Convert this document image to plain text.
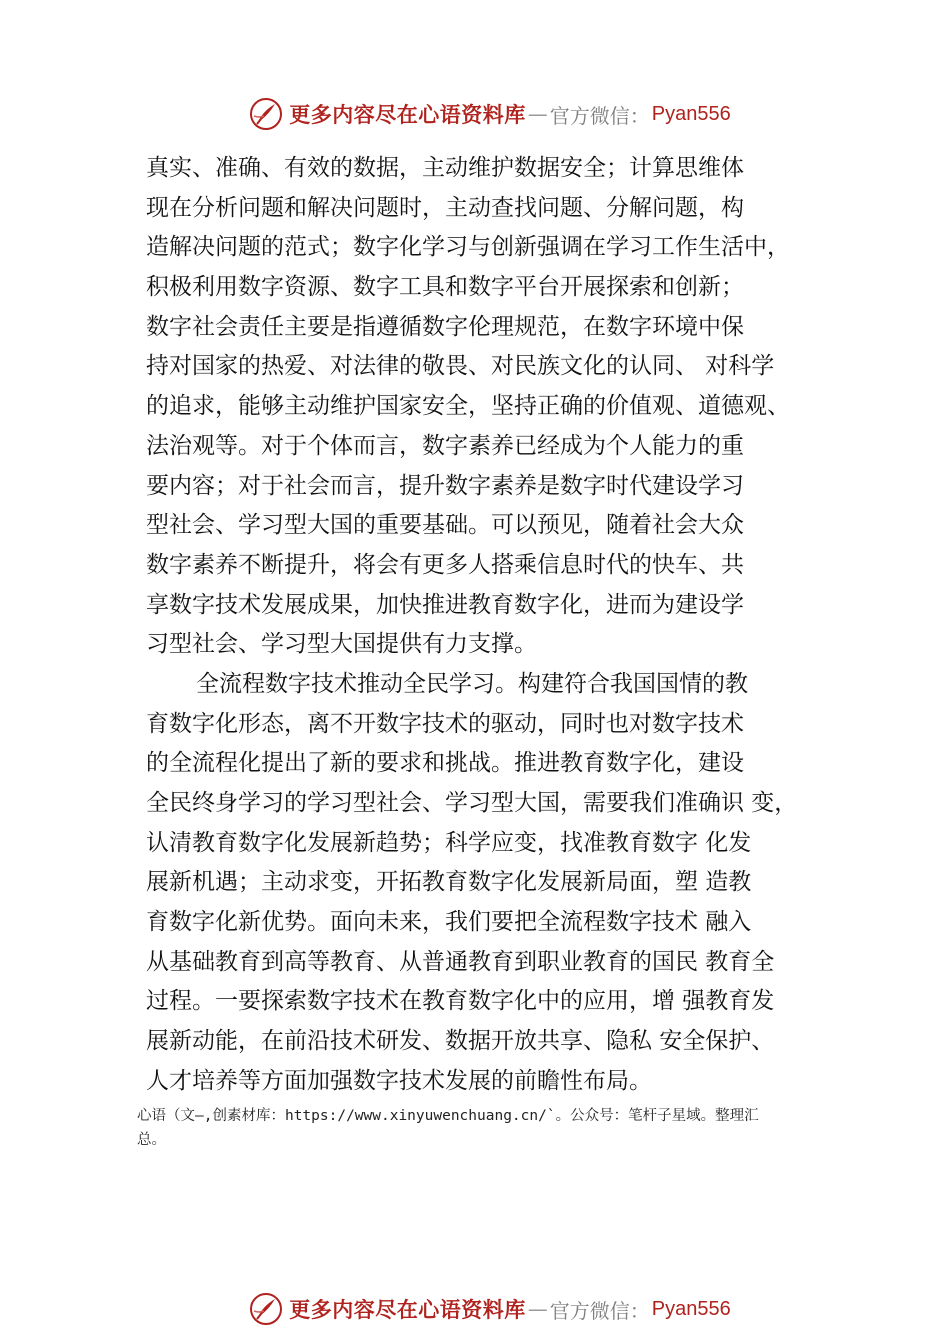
更多内容尽在心语资料库 — 官方微信： Pyan556
真实、准确、有效的数据，主动维护数据安全；计算思维体
现在分析问题和解决问题时，主动查找问题、分解问题，构
造解决问题的范式；数字化学习与创新强调在学习工作生活中，
积极利用数字资源、数字工具和数字平台开展探索和创新；
数字社会责任主要是指遵循数字伦理规范，在数字环境中保
持对国家的热爱、对法律的敬畏、对民族文化的认同、 对科学
的追求，能够主动维护国家安全，坚持正确的价值观、道德观、
法治观等。对于个体而言，数字素养已经成为个人能力的重
要内容；对于社会而言，提升数字素养是数字时代建设学习
型社会、学习型大国的重要基础。可以预见，随着社会大众
数字素养不断提升，将会有更多人搭乘信息时代的快车、共
享数字技术发展成果，加快推进教育数字化，进而为建设学
习型社会、学习型大国提供有力支撑。
全流程数字技术推动全民学习。构建符合我国国情的教
育数字化形态，离不开数字技术的驱动，同时也对数字技术
的全流程化提出了新的要求和挑战。推进教育数字化，建设
全民终身学习的学习型社会、学习型大国，需要我们准确识 变，
认清教育数字化发展新趋势；科学应变，找准教育数字 化发
展新机遇；主动求变，开拓教育数字化发展新局面，塑 造教
育数字化新优势。面向未来，我们要把全流程数字技术 融入
从基础教育到高等教育、从普通教育到职业教育的国民 教育全
过程。一要探索数字技术在教育数字化中的应用，增 强教育发
展新动能，在前沿技术研发、数据开放共享、隐私 安全保护、
人才培养等方面加强数字技术发展的前瞻性布局。
心语（文—,创素材库：https://www.xinyuwenchuang.cn/`。公众号：笔杆子星域。整理汇
总。
更多内容尽在心语资料库 — 官方微信： Pyan556
